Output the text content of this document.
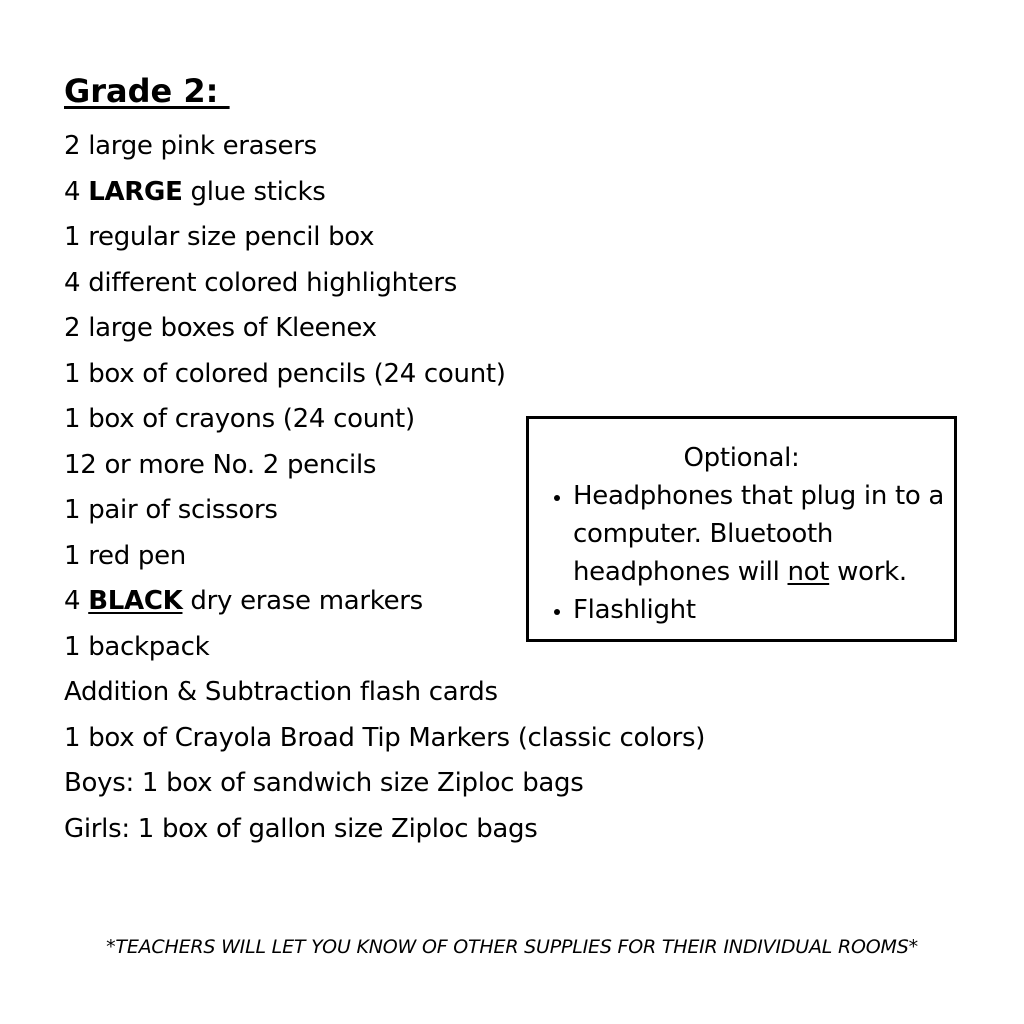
Grade 2:
2 large pink erasers
4 LARGE glue sticks
1 regular size pencil box
4 different colored highlighters
2 large boxes of Kleenex
1 box of colored pencils (24 count)
1 box of crayons (24 count)
12 or more No. 2 pencils
1 pair of scissors
1 red pen
4 BLACK dry erase markers
1 backpack
Addition & Subtraction flash cards
1 box of Crayola Broad Tip Markers (classic colors)
Boys: 1 box of sandwich size Ziploc bags
Girls: 1 box of gallon size Ziploc bags
Optional:
• Headphones that plug in to a computer. Bluetooth headphones will not work.
• Flashlight
*TEACHERS WILL LET YOU KNOW OF OTHER SUPPLIES FOR THEIR INDIVIDUAL ROOMS*
